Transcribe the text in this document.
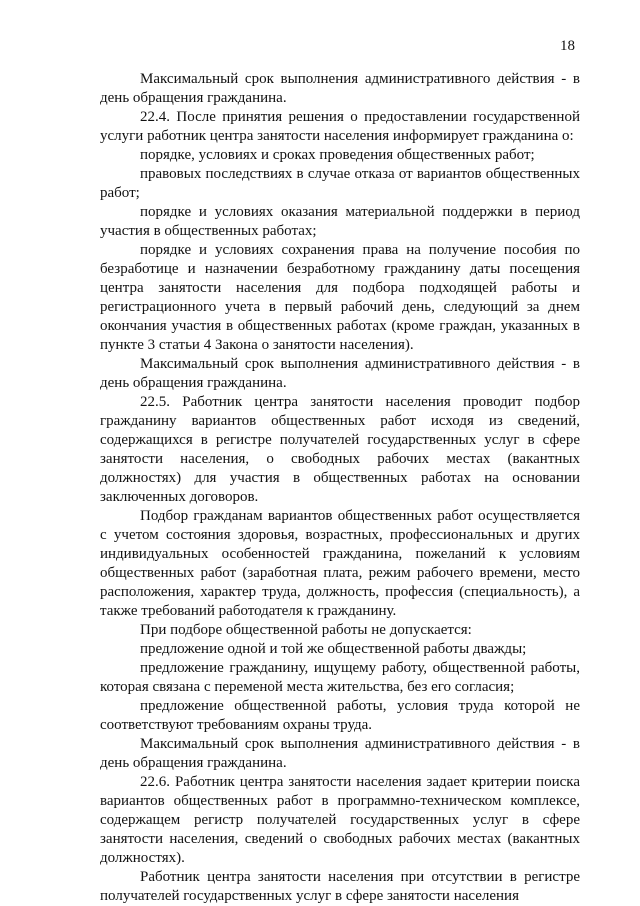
18

Максимальный срок выполнения административного действия - в день обращения гражданина.

22.4. После принятия решения о предоставлении государственной услуги работник центра занятости населения информирует гражданина о:

порядке, условиях и сроках проведения общественных работ;

правовых последствиях в случае отказа от вариантов общественных работ;

порядке и условиях оказания материальной поддержки в период участия в общественных работах;

порядке и условиях сохранения права на получение пособия по безработице и назначении безработному гражданину даты посещения центра занятости населения для подбора подходящей работы и регистрационного учета в первый рабочий день, следующий за днем окончания участия в общественных работах (кроме граждан, указанных в пункте 3 статьи 4 Закона о занятости населения).

Максимальный срок выполнения административного действия - в день обращения гражданина.

22.5. Работник центра занятости населения проводит подбор гражданину вариантов общественных работ исходя из сведений, содержащихся в регистре получателей государственных услуг в сфере занятости населения, о свободных рабочих местах (вакантных должностях) для участия в общественных работах на основании заключенных договоров.

Подбор гражданам вариантов общественных работ осуществляется с учетом состояния здоровья, возрастных, профессиональных и других индивидуальных особенностей гражданина, пожеланий к условиям общественных работ (заработная плата, режим рабочего времени, место расположения, характер труда, должность, профессия (специальность), а также требований работодателя к гражданину.

При подборе общественной работы не допускается:

предложение одной и той же общественной работы дважды;

предложение гражданину, ищущему работу, общественной работы, которая связана с переменой места жительства, без его согласия;

предложение общественной работы, условия труда которой не соответствуют требованиям охраны труда.

Максимальный срок выполнения административного действия - в день обращения гражданина.

22.6. Работник центра занятости населения задает критерии поиска вариантов общественных работ в программно-техническом комплексе, содержащем регистр получателей государственных услуг в сфере занятости населения, сведений о свободных рабочих местах (вакантных должностях).

Работник центра занятости населения при отсутствии в регистре получателей государственных услуг в сфере занятости населения
